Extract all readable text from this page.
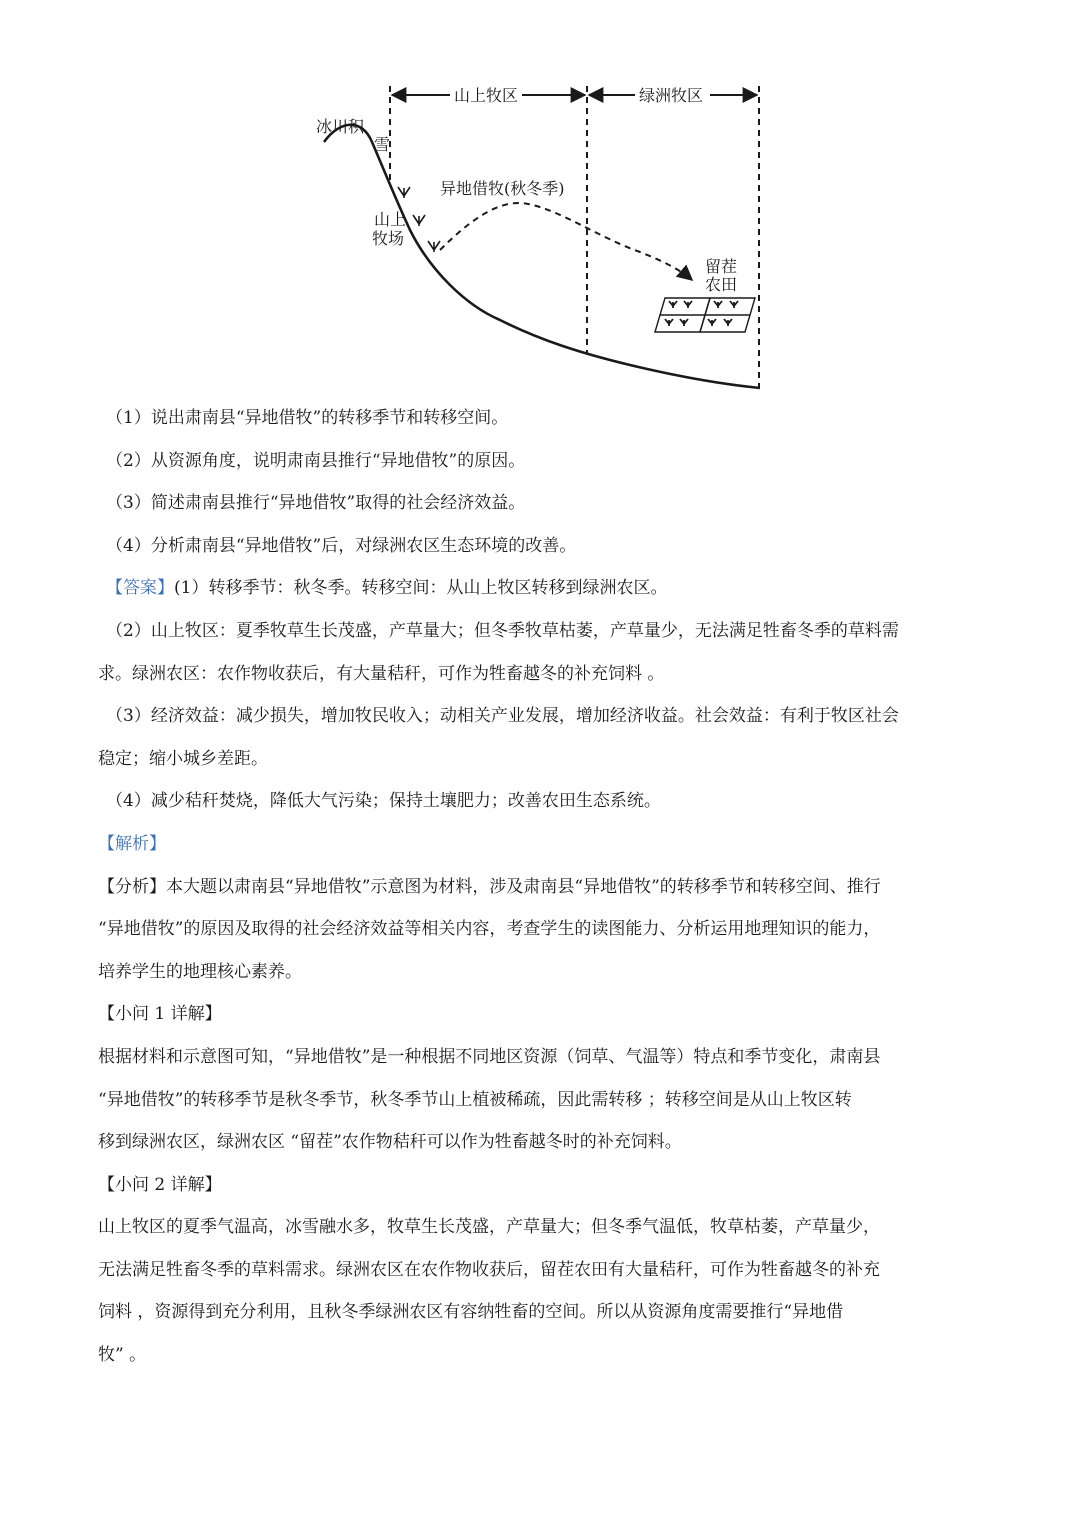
山上牧区	绿洲牧区
冰川积
雪
山上
牧场
异地借牧(秋冬季)
留茬
农田
（1）说出肃南县“异地借牧”的转移季节和转移空间。
（2）从资源角度，说明肃南县推行“异地借牧”的原因。
（3）简述肃南县推行“异地借牧”取得的社会经济效益。
（4）分析肃南县“异地借牧”后，对绿洲农区生态环境的改善。
【答案】(1）转移季节：秋冬季。转移空间：从山上牧区转移到绿洲农区。
（2）山上牧区：夏季牧草生长茂盛，产草量大；但冬季牧草枯萎，产草量少，无法满足牲畜冬季的草料需
求。绿洲农区：农作物收获后，有大量秸秆，可作为牲畜越冬的补充饲料 。
（3）经济效益：减少损失，增加牧民收入；动相关产业发展，增加经济收益。社会效益：有利于牧区社会
稳定；缩小城乡差距。
（4）减少秸秆焚烧，降低大气污染；保持土壤肥力；改善农田生态系统。
【解析】
【分析】本大题以肃南县“异地借牧”示意图为材料，涉及肃南县“异地借牧”的转移季节和转移空间、推行
“异地借牧”的原因及取得的社会经济效益等相关内容，考查学生的读图能力、分析运用地理知识的能力，
培养学生的地理核心素养。
【小问 1 详解】
根据材料和示意图可知，“异地借牧”是一种根据不同地区资源（饲草、气温等）特点和季节变化，肃南县
“异地借牧”的转移季节是秋冬季节，秋冬季节山上植被稀疏，因此需转移 ；转移空间是从山上牧区转
移到绿洲农区，绿洲农区 “留茬”农作物秸秆可以作为牲畜越冬时的补充饲料。
【小问 2 详解】
山上牧区的夏季气温高，冰雪融水多，牧草生长茂盛，产草量大；但冬季气温低，牧草枯萎，产草量少，
无法满足牲畜冬季的草料需求。绿洲农区在农作物收获后，留茬农田有大量秸秆，可作为牲畜越冬的补充
饲料 ，资源得到充分利用，且秋冬季绿洲农区有容纳牲畜的空间。所以从资源角度需要推行“异地借
牧” 。
